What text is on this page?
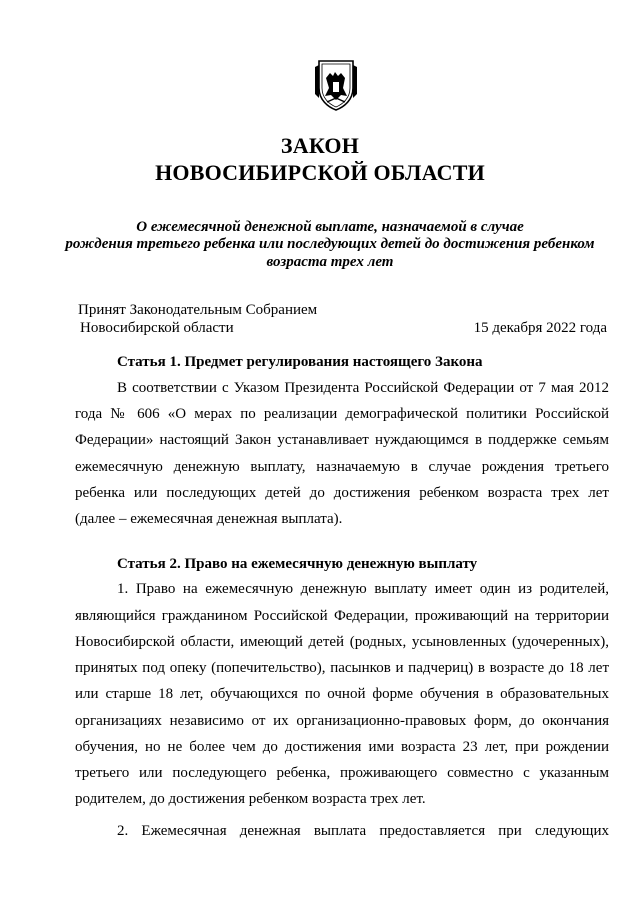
ЗАКОН
НОВОСИБИРСКОЙ ОБЛАСТИ
О ежемесячной денежной выплате, назначаемой в случае
рождения третьего ребенка или последующих детей до достижения ребенком
возраста трех лет
Принят Законодательным Собранием
Новосибирской области	15 декабря 2022 года
Статья 1. Предмет регулирования настоящего Закона
В соответствии с Указом Президента Российской Федерации от 7 мая 2012
года № 606 «О мерах по реализации демографической политики Российской
Федерации» настоящий Закон устанавливает нуждающимся в поддержке семьям
ежемесячную денежную выплату, назначаемую в случае рождения третьего
ребенка или последующих детей до достижения ребенком возраста трех лет
(далее – ежемесячная денежная выплата).
Статья 2. Право на ежемесячную денежную выплату
1. Право на ежемесячную денежную выплату имеет один из родителей,
являющийся гражданином Российской Федерации, проживающий на территории
Новосибирской области, имеющий детей (родных, усыновленных (удочеренных),
принятых под опеку (попечительство), пасынков и падчериц) в возрасте до 18 лет
или старше 18 лет, обучающихся по очной форме обучения в образовательных
организациях независимо от их организационно-правовых форм, до окончания
обучения, но не более чем до достижения ими возраста 23 лет, при рождении
третьего или последующего ребенка, проживающего совместно с указанным
родителем, до достижения ребенком возраста трех лет.
2. Ежемесячная денежная выплата предоставляется при следующих
